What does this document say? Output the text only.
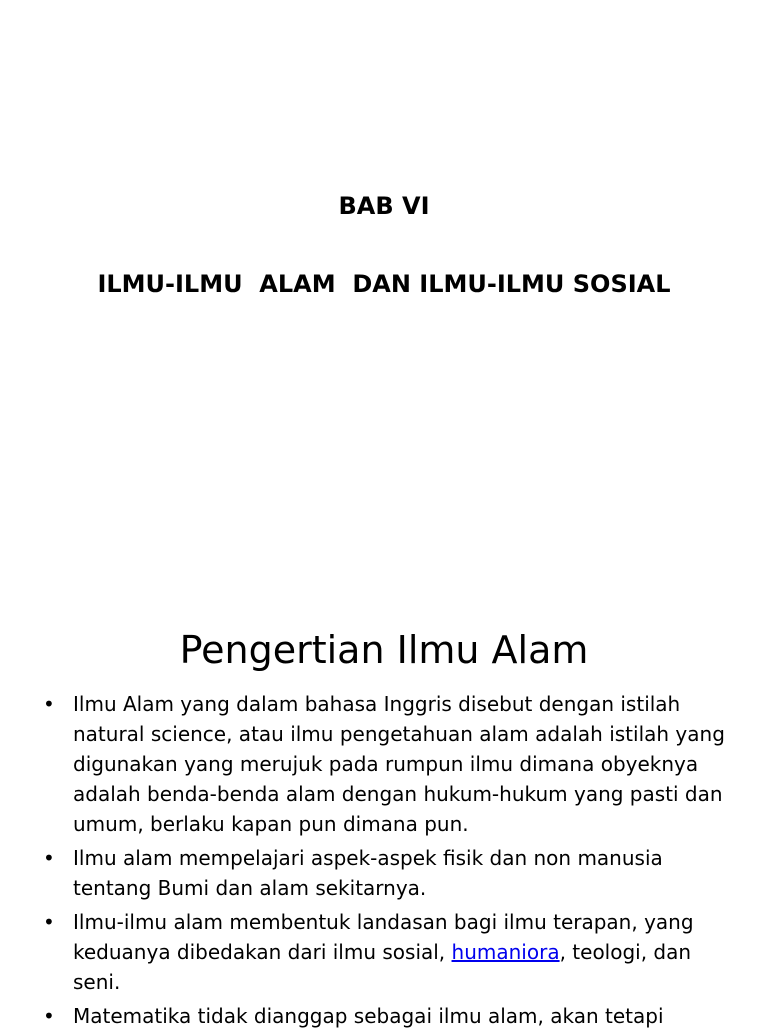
BAB VI
ILMU-ILMU  ALAM  DAN ILMU-ILMU SOSIAL
Pengertian Ilmu Alam
• Ilmu Alam yang dalam bahasa Inggris disebut dengan istilah natural science, atau ilmu pengetahuan alam adalah istilah yang digunakan yang merujuk pada rumpun ilmu dimana obyeknya adalah benda-benda alam dengan hukum-hukum yang pasti dan umum, berlaku kapan pun dimana pun.
• Ilmu alam mempelajari aspek-aspek fisik dan non manusia tentang Bumi dan alam sekitarnya.
• Ilmu-ilmu alam membentuk landasan bagi ilmu terapan, yang keduanya dibedakan dari ilmu sosial, humaniora, teologi, dan seni.
• Matematika tidak dianggap sebagai ilmu alam, akan tetapi
